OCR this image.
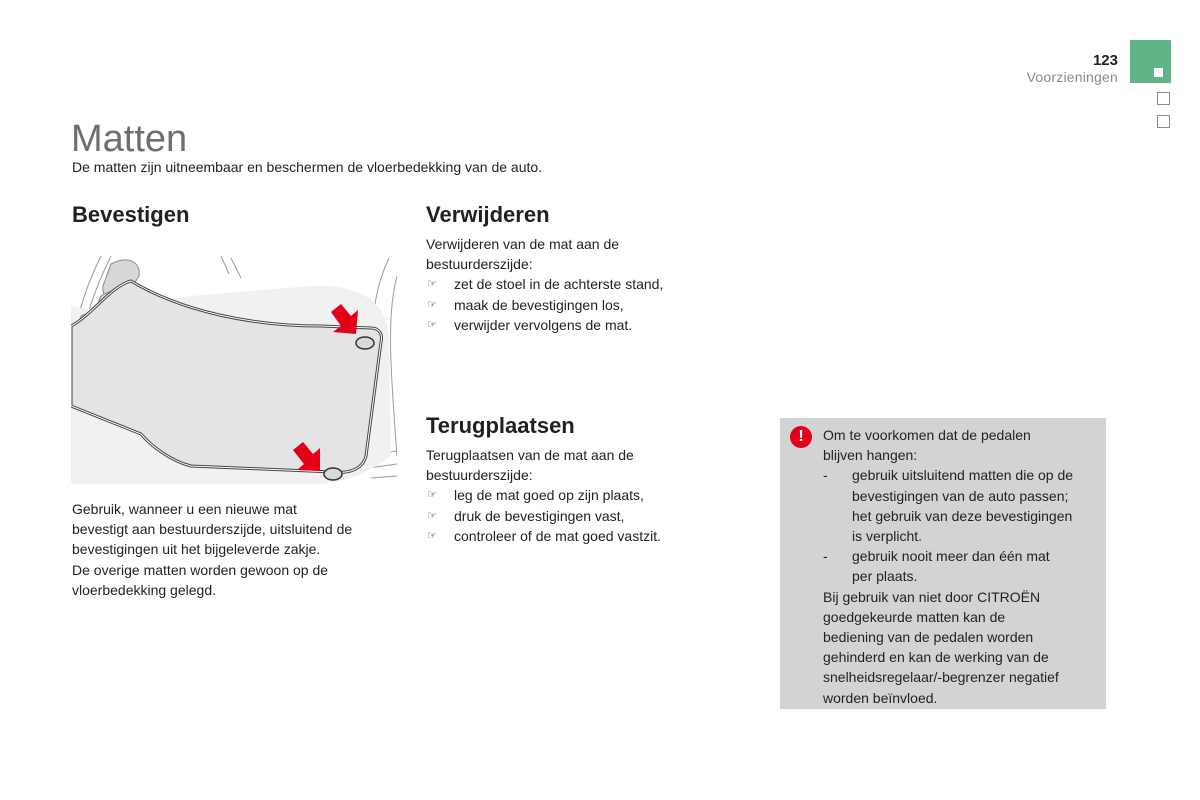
123
Voorzieningen
Matten
De matten zijn uitneembaar en beschermen de vloerbedekking van de auto.
Bevestigen
Gebruik, wanneer u een nieuwe mat
bevestigt aan bestuurderszijde, uitsluitend de
bevestigingen uit het bijgeleverde zakje.
De overige matten worden gewoon op de
vloerbedekking gelegd.
Verwijderen
Verwijderen van de mat aan de
bestuurderszijde:
☞ zet de stoel in de achterste stand,
☞ maak de bevestigingen los,
☞ verwijder vervolgens de mat.
Terugplaatsen
Terugplaatsen van de mat aan de
bestuurderszijde:
☞ leg de mat goed op zijn plaats,
☞ druk de bevestigingen vast,
☞ controleer of de mat goed vastzit.
!	Om te voorkomen dat de pedalen
blijven hangen:
- gebruik uitsluitend matten die op de
bevestigingen van de auto passen;
het gebruik van deze bevestigingen
is verplicht.
- gebruik nooit meer dan één mat
per plaats.
Bij gebruik van niet door CITROËN
goedgekeurde matten kan de
bediening van de pedalen worden
gehinderd en kan de werking van de
snelheidsregelaar/-begrenzer negatief
worden beïnvloed.
